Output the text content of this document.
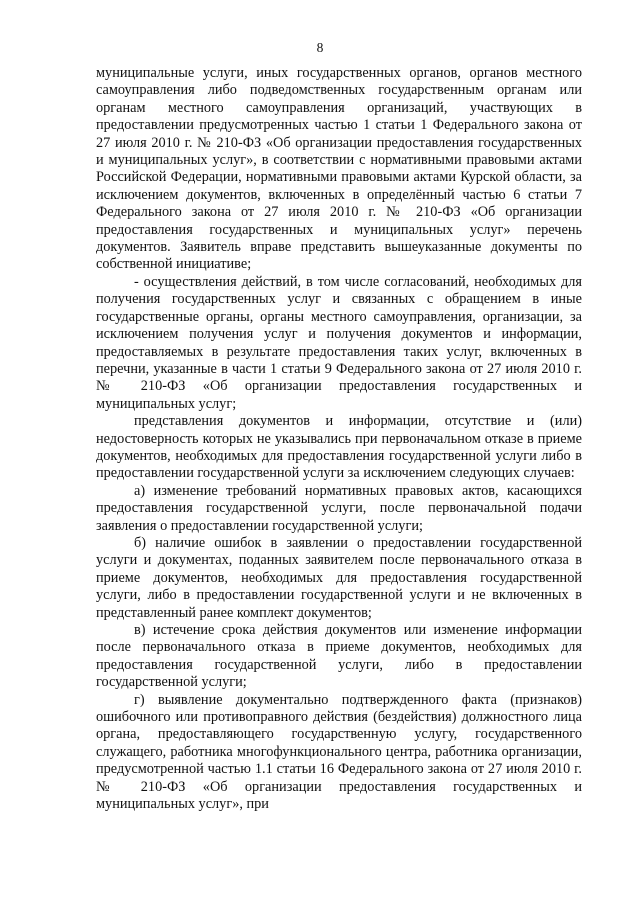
8

муниципальные услуги, иных государственных органов, органов местного самоуправления либо подведомственных государственным органам или органам местного самоуправления организаций, участвующих в предоставлении предусмотренных частью 1 статьи 1 Федерального закона от 27 июля 2010 г. № 210-ФЗ «Об организации предоставления государственных и муниципальных услуг», в соответствии с нормативными правовыми актами Российской Федерации, нормативными правовыми актами Курской области, за исключением документов, включенных в определённый частью 6 статьи 7 Федерального закона от 27 июля 2010 г. № 210-ФЗ «Об организации предоставления государственных и муниципальных услуг» перечень документов. Заявитель вправе представить вышеуказанные документы по собственной инициативе;

- осуществления действий, в том числе согласований, необходимых для получения государственных услуг и связанных с обращением в иные государственные органы, органы местного самоуправления, организации, за исключением получения услуг и получения документов и информации, предоставляемых в результате предоставления таких услуг, включенных в перечни, указанные в части 1 статьи 9 Федерального закона от 27 июля 2010 г. № 210-ФЗ «Об организации предоставления государственных и муниципальных услуг;

представления документов и информации, отсутствие и (или) недостоверность которых не указывались при первоначальном отказе в приеме документов, необходимых для предоставления государственной услуги либо в предоставлении государственной услуги за исключением следующих случаев:

а) изменение требований нормативных правовых актов, касающихся предоставления государственной услуги, после первоначальной подачи заявления о предоставлении государственной услуги;

б) наличие ошибок в заявлении о предоставлении государственной услуги и документах, поданных заявителем после первоначального отказа в приеме документов, необходимых для предоставления государственной услуги, либо в предоставлении государственной услуги и не включенных в представленный ранее комплект документов;

в) истечение срока действия документов или изменение информации после первоначального отказа в приеме документов, необходимых для предоставления государственной услуги, либо в предоставлении государственной услуги;

г) выявление документально подтвержденного факта (признаков) ошибочного или противоправного действия (бездействия) должностного лица органа, предоставляющего государственную услугу, государственного служащего, работника многофункционального центра, работника организации, предусмотренной частью 1.1 статьи 16 Федерального закона от 27 июля 2010 г. № 210-ФЗ «Об организации предоставления государственных и муниципальных услуг», при
